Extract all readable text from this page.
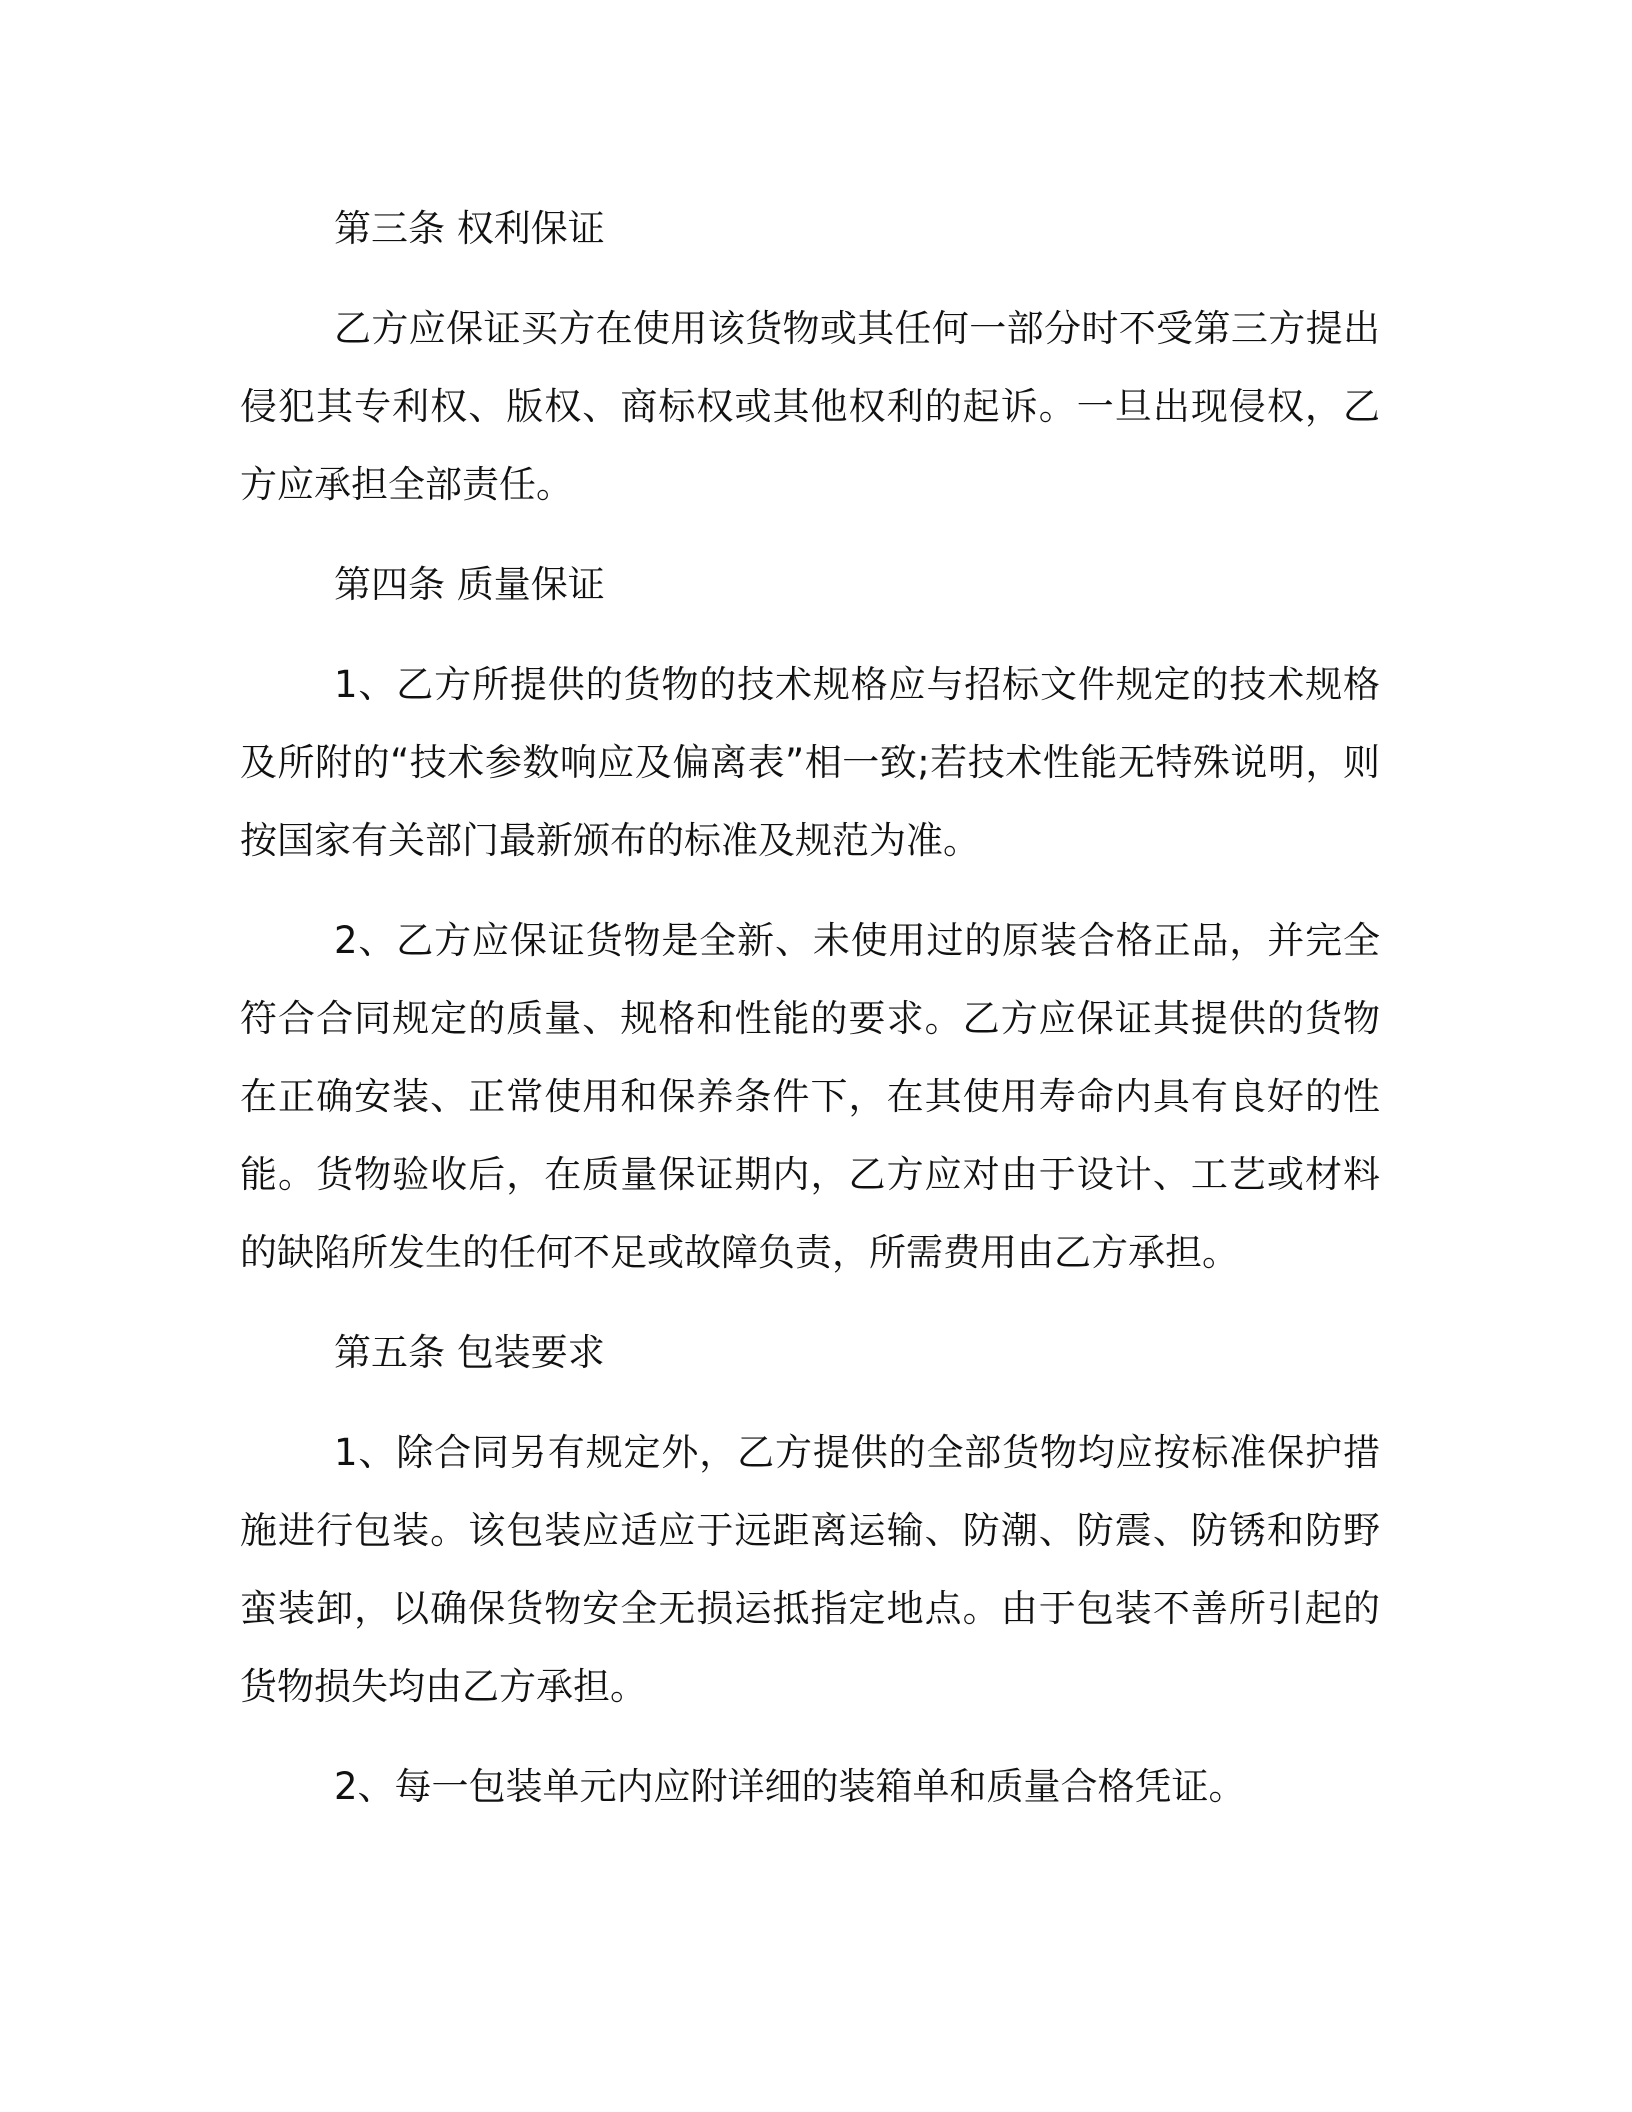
第三条 权利保证

乙方应保证买方在使用该货物或其任何一部分时不受第三方提出侵犯其专利权、版权、商标权或其他权利的起诉。一旦出现侵权，乙方应承担全部责任。

第四条 质量保证

1、乙方所提供的货物的技术规格应与招标文件规定的技术规格及所附的“技术参数响应及偏离表”相一致;若技术性能无特殊说明，则按国家有关部门最新颁布的标准及规范为准。

2、乙方应保证货物是全新、未使用过的原装合格正品，并完全符合合同规定的质量、规格和性能的要求。乙方应保证其提供的货物在正确安装、正常使用和保养条件下，在其使用寿命内具有良好的性能。货物验收后，在质量保证期内，乙方应对由于设计、工艺或材料的缺陷所发生的任何不足或故障负责，所需费用由乙方承担。

第五条 包装要求

1、除合同另有规定外，乙方提供的全部货物均应按标准保护措施进行包装。该包装应适应于远距离运输、防潮、防震、防锈和防野蛮装卸，以确保货物安全无损运抵指定地点。由于包装不善所引起的货物损失均由乙方承担。

2、每一包装单元内应附详细的装箱单和质量合格凭证。
